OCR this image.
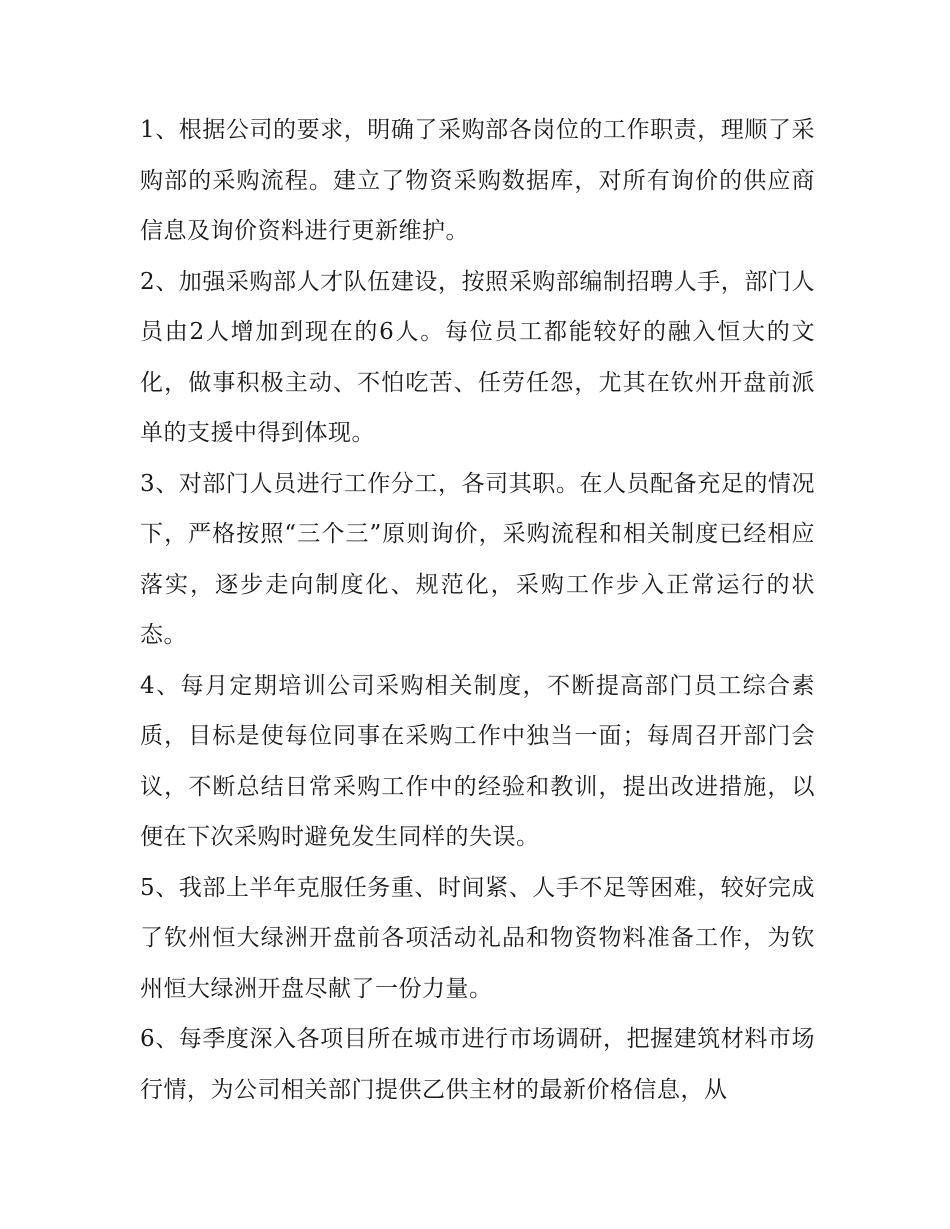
1、根据公司的要求，明确了采购部各岗位的工作职责，理顺了采购部的采购流程。建立了物资采购数据库，对所有询价的供应商信息及询价资料进行更新维护。

2、加强采购部人才队伍建设，按照采购部编制招聘人手，部门人员由2人增加到现在的6人。每位员工都能较好的融入恒大的文化，做事积极主动、不怕吃苦、任劳任怨，尤其在钦州开盘前派单的支援中得到体现。

3、对部门人员进行工作分工，各司其职。在人员配备充足的情况下，严格按照“三个三”原则询价，采购流程和相关制度已经相应落实，逐步走向制度化、规范化，采购工作步入正常运行的状态。

4、每月定期培训公司采购相关制度，不断提高部门员工综合素质，目标是使每位同事在采购工作中独当一面；每周召开部门会议，不断总结日常采购工作中的经验和教训，提出改进措施，以便在下次采购时避免发生同样的失误。

5、我部上半年克服任务重、时间紧、人手不足等困难，较好完成了钦州恒大绿洲开盘前各项活动礼品和物资物料准备工作，为钦州恒大绿洲开盘尽献了一份力量。

6、每季度深入各项目所在城市进行市场调研，把握建筑材料市场行情，为公司相关部门提供乙供主材的最新价格信息，从
